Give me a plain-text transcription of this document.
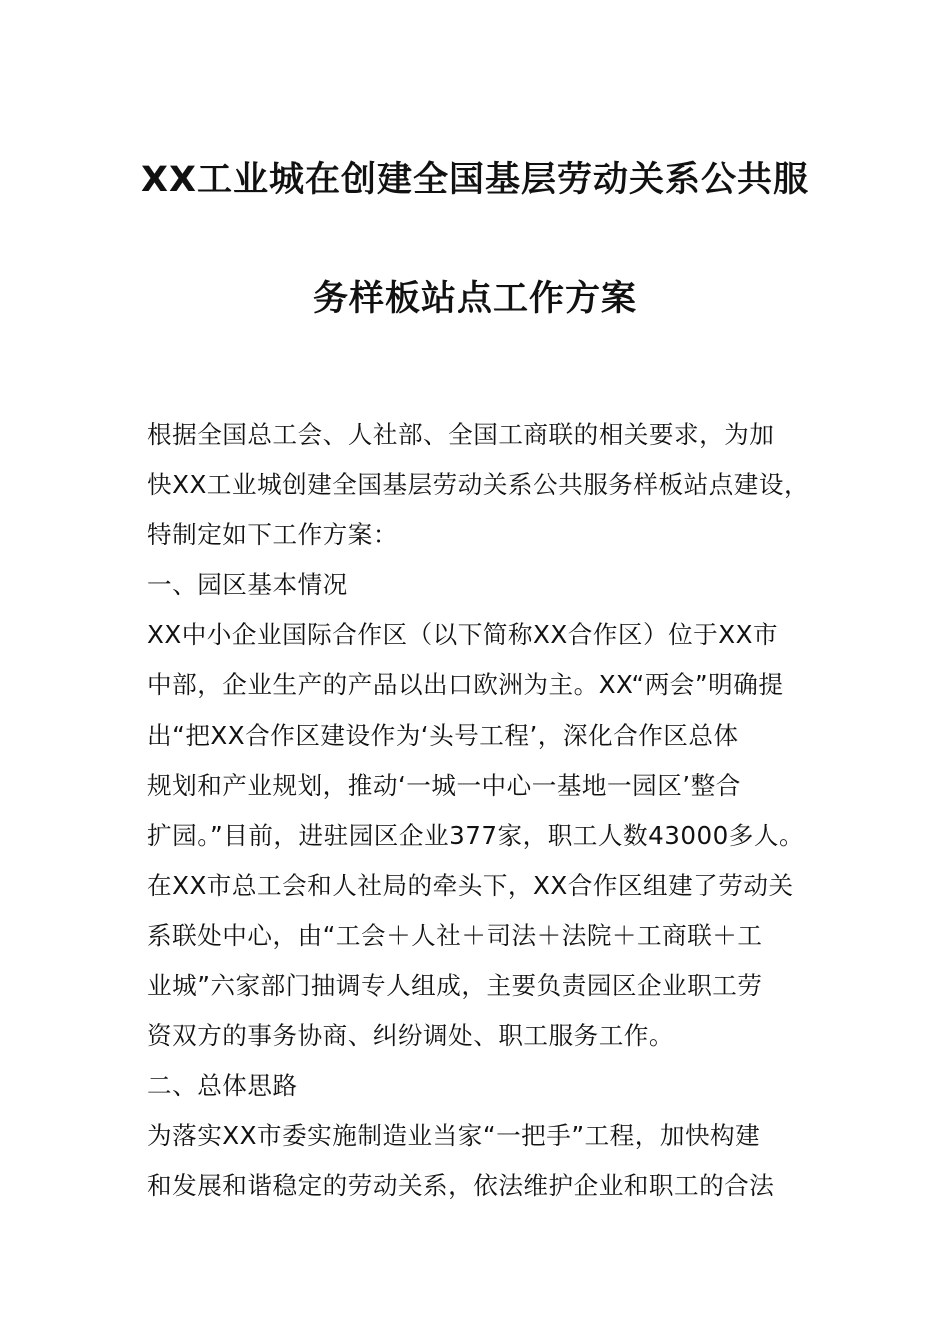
XX工业城在创建全国基层劳动关系公共服
务样板站点工作方案
根据全国总工会、人社部、全国工商联的相关要求，为加
快XX工业城创建全国基层劳动关系公共服务样板站点建设，
特制定如下工作方案：
一、园区基本情况
XX中小企业国际合作区（以下简称XX合作区）位于XX市
中部，企业生产的产品以出口欧洲为主。XX“两会”明确提
出“把XX合作区建设作为‘头号工程’，深化合作区总体
规划和产业规划，推动‘一城一中心一基地一园区’整合
扩园。”目前，进驻园区企业377家，职工人数43000多人。
在XX市总工会和人社局的牵头下，XX合作区组建了劳动关
系联处中心，由“工会＋人社＋司法＋法院＋工商联＋工
业城”六家部门抽调专人组成，主要负责园区企业职工劳
资双方的事务协商、纠纷调处、职工服务工作。
二、总体思路
为落实XX市委实施制造业当家“一把手”工程，加快构建
和发展和谐稳定的劳动关系，依法维护企业和职工的合法
